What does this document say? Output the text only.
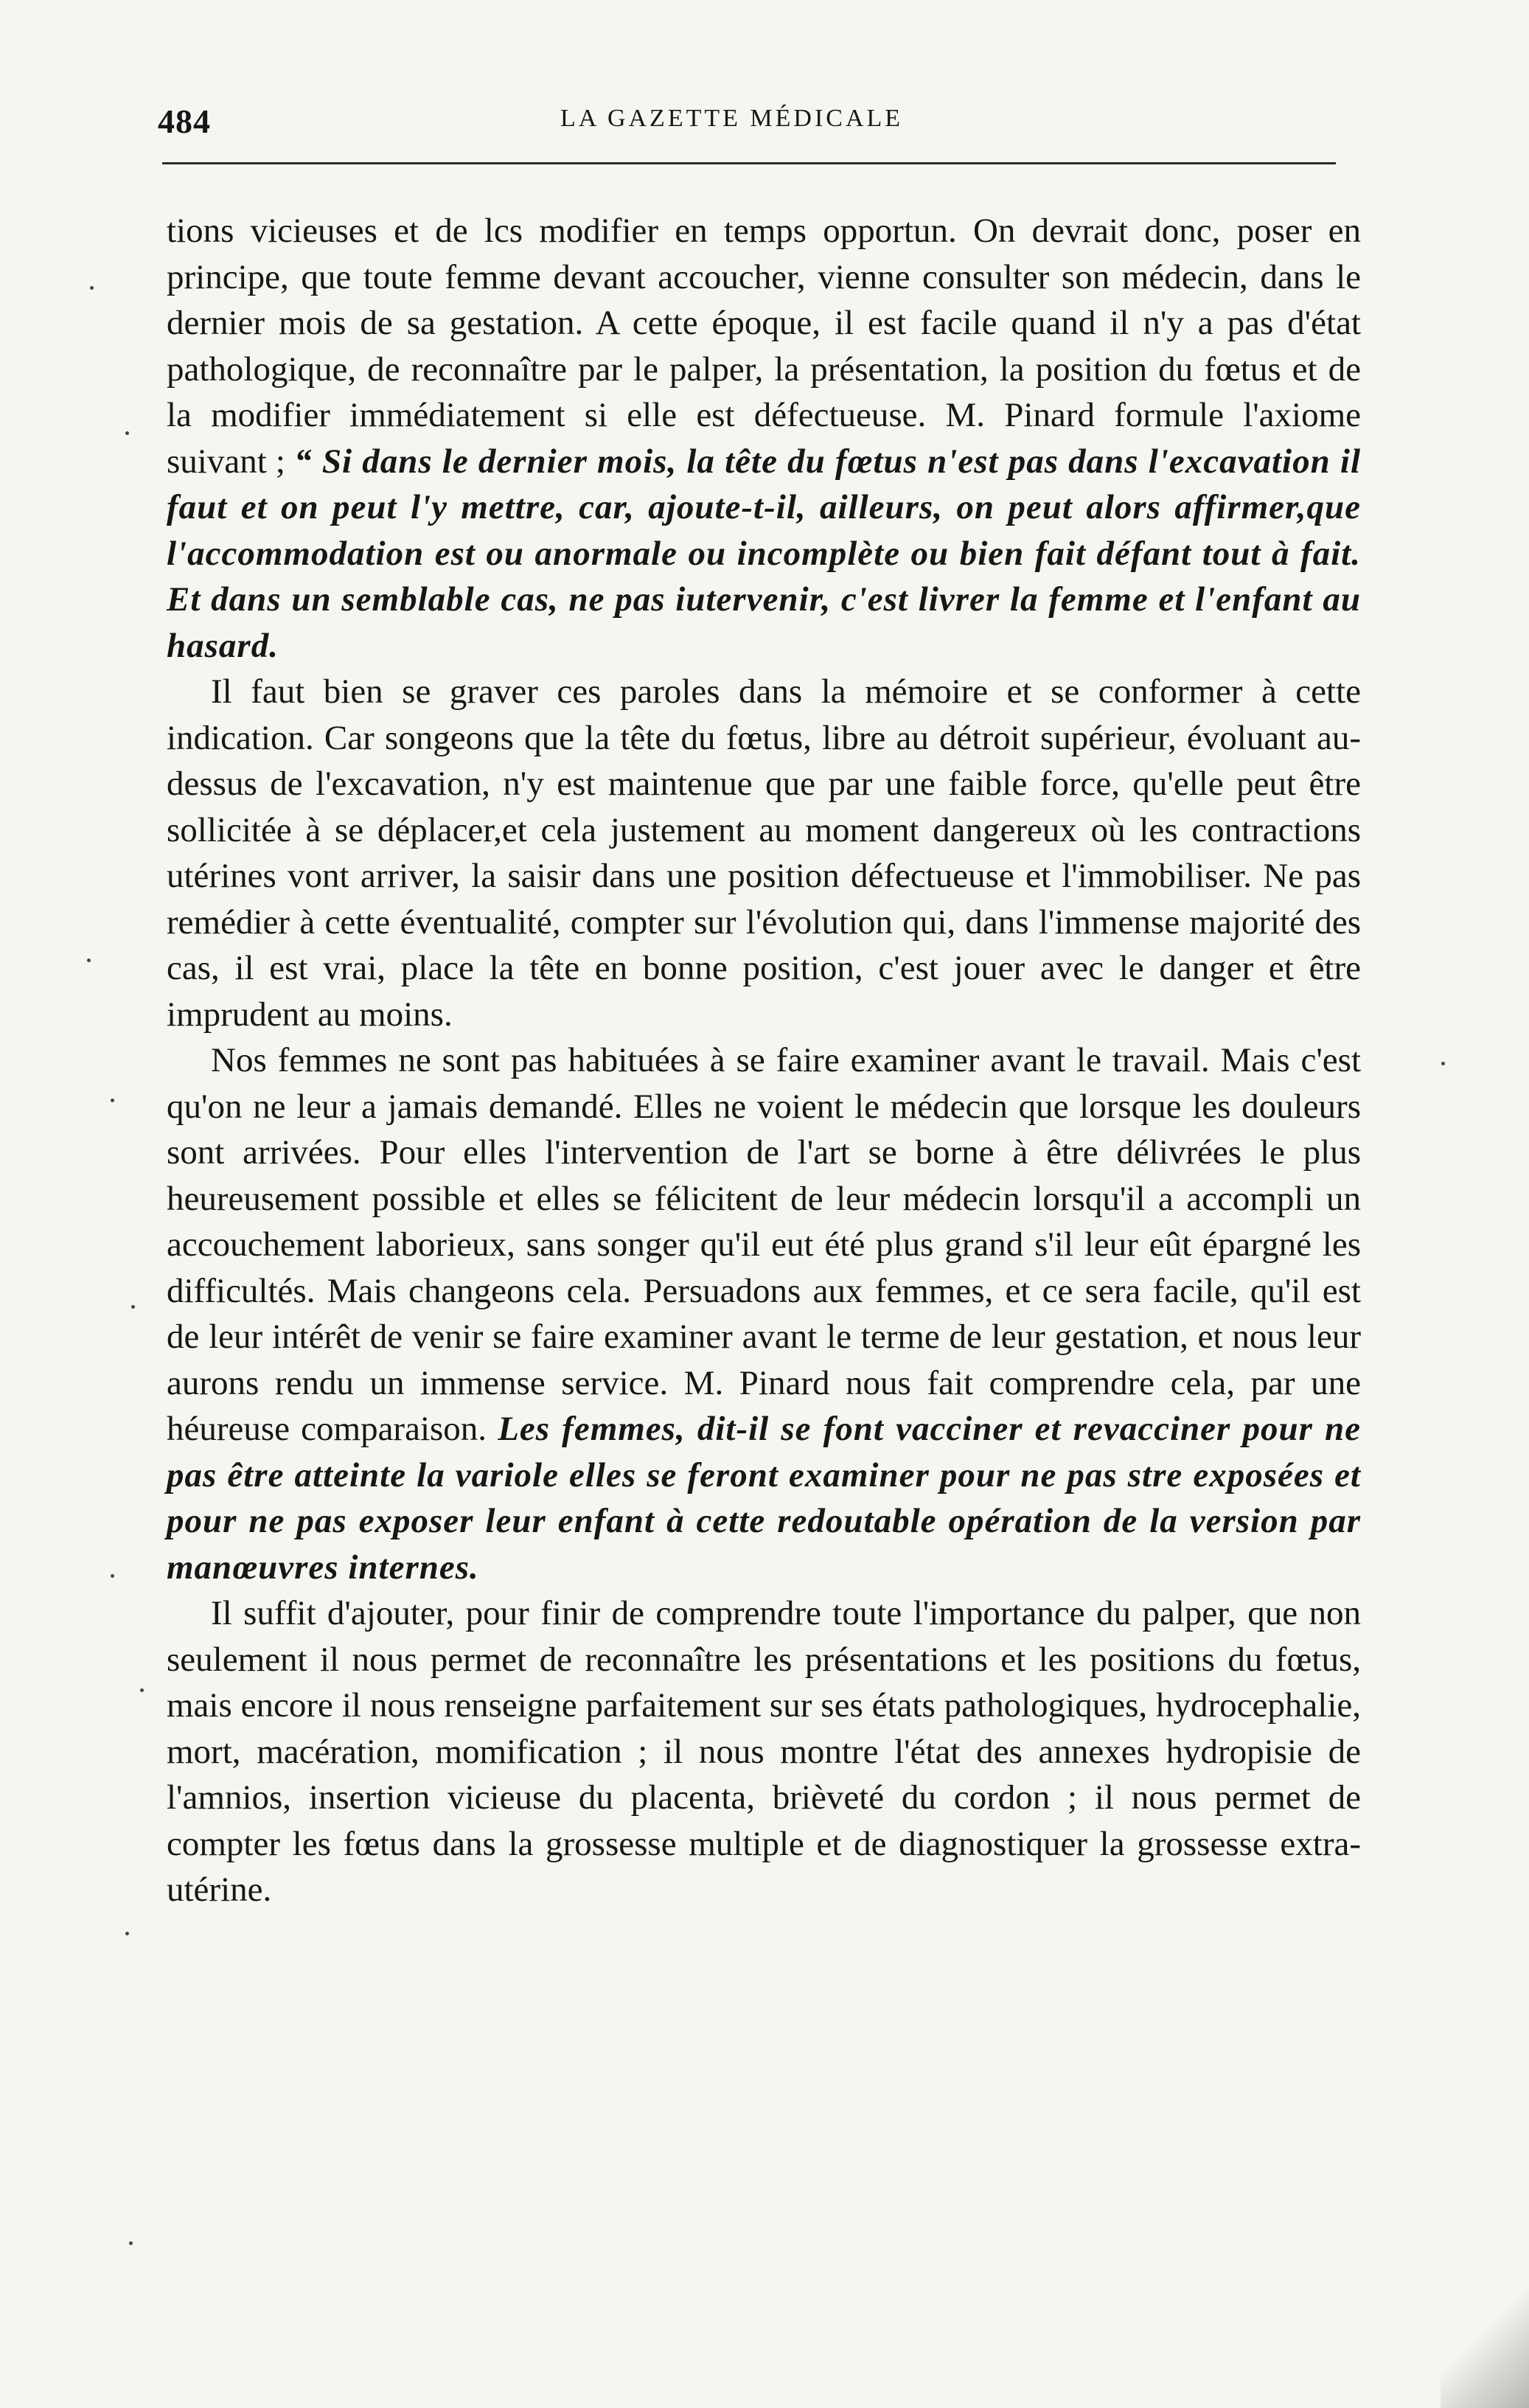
484	LA GAZETTE MÉDICALE

tions vicieuses et de lcs modifier en temps opportun. On devrait donc, poser en principe, que toute femme devant accoucher, vienne consulter son médecin, dans le dernier mois de sa gestation. A cette époque, il est facile quand il n'y a pas d'état pathologique, de reconnaître par le palper, la présentation, la position du fœtus et de la modifier immédiatement si elle est défectueuse. M. Pinard formule l'axiome suivant ; “ Si dans le dernier mois, la tête du fœtus n'est pas dans l'excavation il faut et on peut l'y mettre, car, ajoute-t-il, ailleurs, on peut alors affirmer,que l'accommodation est ou anormale ou incomplète ou bien fait défant tout à fait. Et dans un semblable cas, ne pas iutervenir, c'est livrer la femme et l'enfant au hasard.

Il faut bien se graver ces paroles dans la mémoire et se conformer à cette indication. Car songeons que la tête du fœtus, libre au détroit supérieur, évoluant au-dessus de l'excavation, n'y est maintenue que par une faible force, qu'elle peut être sollicitée à se déplacer,et cela justement au moment dangereux où les contractions utérines vont arriver, la saisir dans une position défectueuse et l'immobiliser. Ne pas remédier à cette éventualité, compter sur l'évolution qui, dans l'immense majorité des cas, il est vrai, place la tête en bonne position, c'est jouer avec le danger et être imprudent au moins.

Nos femmes ne sont pas habituées à se faire examiner avant le travail. Mais c'est qu'on ne leur a jamais demandé. Elles ne voient le médecin que lorsque les douleurs sont arrivées. Pour elles l'intervention de l'art se borne à être délivrées le plus heureusement possible et elles se félicitent de leur médecin lorsqu'il a accompli un accouchement laborieux, sans songer qu'il eut été plus grand s'il leur eût épargné les difficultés. Mais changeons cela. Persuadons aux femmes, et ce sera facile, qu'il est de leur intérêt de venir se faire examiner avant le terme de leur gestation, et nous leur aurons rendu un immense service. M. Pinard nous fait comprendre cela, par une héureuse comparaison. Les femmes, dit-il se font vacciner et revacciner pour ne pas être atteinte la variole elles se feront examiner pour ne pas stre exposées et pour ne pas exposer leur enfant à cette redoutable opération de la version par manœuvres internes.

Il suffit d'ajouter, pour finir de comprendre toute l'importance du palper, que non seulement il nous permet de reconnaître les présentations et les positions du fœtus, mais encore il nous renseigne parfaitement sur ses états pathologiques, hydrocephalie, mort, macération, momification ; il nous montre l'état des annexes hydropisie de l'amnios, insertion vicieuse du placenta, brièveté du cordon ; il nous permet de compter les fœtus dans la grossesse multiple et de diagnostiquer la grossesse extra-utérine.
